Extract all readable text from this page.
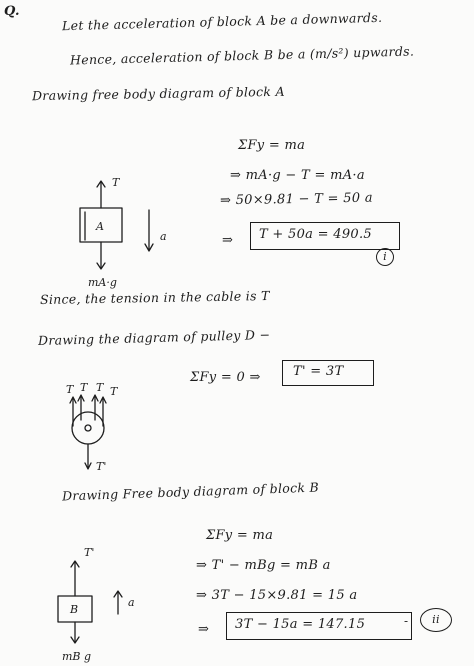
Q.	Let the acceleration of block A be a downwards.
Hence, acceleration of block B be a (m/s²) upwards.
Drawing free body diagram of block A
ΣFy = ma
⇒ mA·g − T = mA·a
⇒ 50×9.81 − T = 50 a
⇒ T + 50a = 490.5
i
Since, the tension in the cable is T
Drawing the diagram of pulley D −
ΣFy = 0 ⇒ T' = 3T
Drawing Free body diagram of block B
ΣFy = ma
⇒ T' − mBg = mB a
⇒ 3T − 15×9.81 = 15 a
⇒ 3T − 15a = 147.15	ii
-
A
T
mA·g
a
T T T T
T'
B
T'
mB g
a
